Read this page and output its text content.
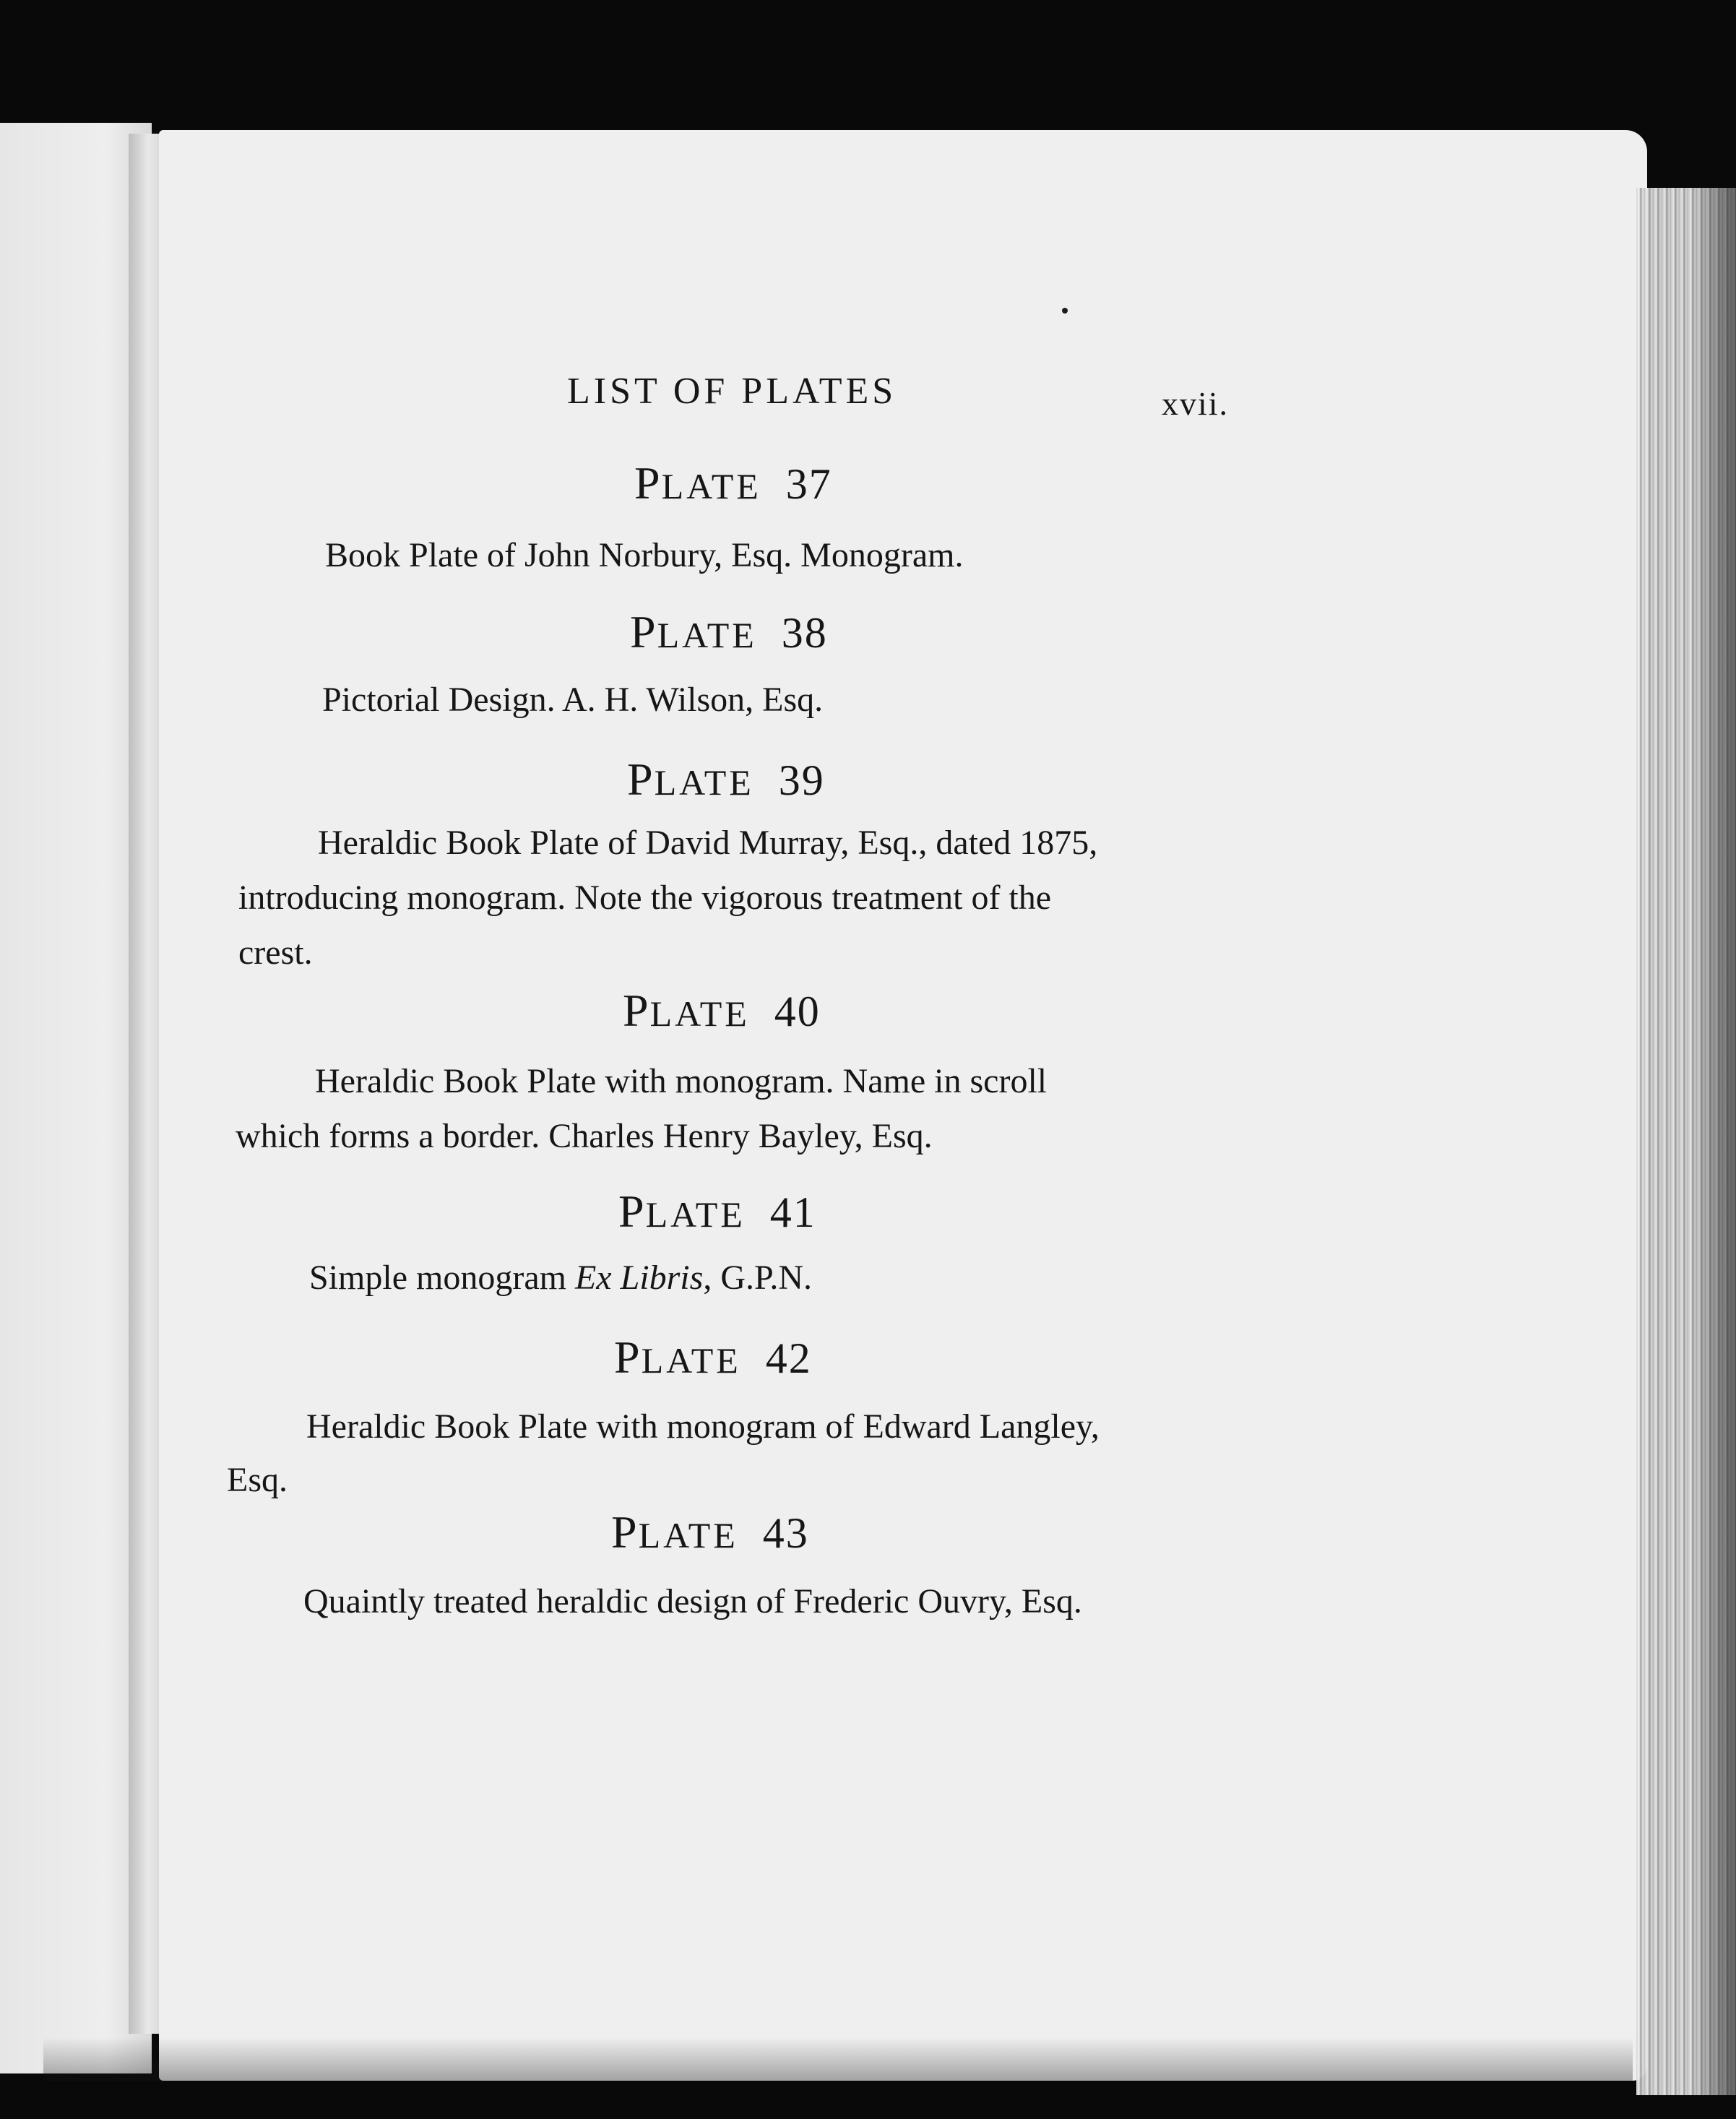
LIST OF PLATES	xvii.
PLATE 37
Book Plate of John Norbury, Esq. Monogram.
PLATE 38
Pictorial Design. A. H. Wilson, Esq.
PLATE 39
Heraldic Book Plate of David Murray, Esq., dated 1875,
introducing monogram. Note the vigorous treatment of the
crest.
PLATE 40
Heraldic Book Plate with monogram. Name in scroll
which forms a border. Charles Henry Bayley, Esq.
PLATE 41
Simple monogram Ex Libris, G.P.N.
PLATE 42
Heraldic Book Plate with monogram of Edward Langley,
Esq.
PLATE 43
Quaintly treated heraldic design of Frederic Ouvry, Esq.
